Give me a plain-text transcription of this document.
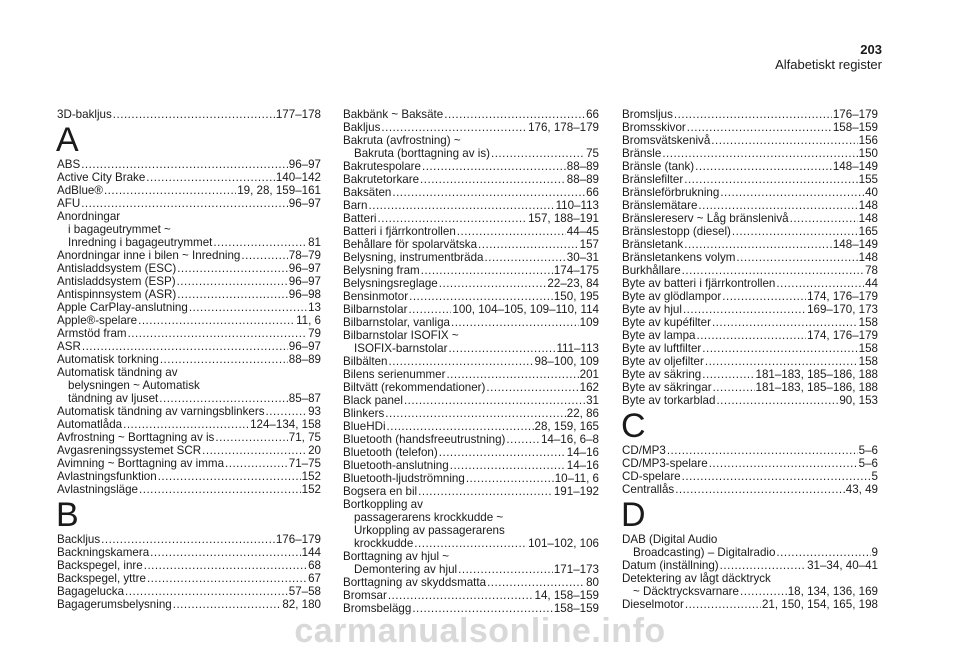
203
Alfabetiskt register
3D-bakljus .....	177–178
A
ABS .....	96–97
Active City Brake .....	140–142
AdBlue® .....	19, 28, 159–161
AFU .....	96–97
Anordningar
i bagageutrymmet ~
Inredning i bagageutrymmet .....	81
Anordningar inne i bilen ~ Inredning .....	78–79
Antisladdsystem (ESC) .....	96–97
Antisladdsystem (ESP) .....	96–97
Antispinnsystem (ASR) .....	96–98
Apple CarPlay-anslutning .....	13
Apple®-spelare .....	11, 6
Armstöd fram .....	79
ASR .....	96–97
Automatisk torkning .....	88–89
Automatisk tändning av
belysningen ~ Automatisk
tändning av ljuset .....	85–87
Automatisk tändning av varningsblinkers .....	93
Automatlåda .....	124–134, 158
Avfrostning ~ Borttagning av is .....	71, 75
Avgasreningssystemet SCR .....	20
Avimning ~ Borttagning av imma .....	71–75
Avlastningsfunktion .....	152
Avlastningsläge .....	152
B
Backljus .....	176–179
Backningskamera .....	144
Backspegel, inre .....	68
Backspegel, yttre .....	67
Bagagelucka .....	57–58
Bagagerumsbelysning .....	82, 180
Bakbänk ~ Baksäte .....	66
Bakljus .....	176, 178–179
Bakruta (avfrostning) ~
Bakruta (borttagning av is) .....	75
Bakrutespolare .....	88–89
Bakrutetorkare .....	88–89
Baksäten .....	66
Barn .....	110–113
Batteri .....	157, 188–191
Batteri i fjärrkontrollen .....	44–45
Behållare för spolarvätska .....	157
Belysning, instrumentbräda .....	30–31
Belysning fram .....	174–175
Belysningsreglage .....	22–23, 84
Bensinmotor .....	150, 195
Bilbarnstolar .....	100, 104–105, 109–110, 114
Bilbarnstolar, vanliga .....	109
Bilbarnstolar ISOFIX ~
ISOFIX-barnstolar .....	111–113
Bilbälten .....	98–100, 109
Bilens serienummer .....	201
Biltvätt (rekommendationer) .....	162
Black panel .....	31
Blinkers .....	22, 86
BlueHDi .....	28, 159, 165
Bluetooth (handsfreeutrustning) .....	14–16, 6–8
Bluetooth (telefon) .....	14–16
Bluetooth-anslutning .....	14–16
Bluetooth-ljudströmning .....	10–11, 6
Bogsera en bil .....	191–192
Bortkoppling av
passagerarens krockkudde ~
Urkoppling av passagerarens
krockkudde .....	101–102, 106
Borttagning av hjul ~
Demontering av hjul .....	171–173
Borttagning av skyddsmatta .....	80
Bromsar .....	14, 158–159
Bromsbelägg .....	158–159
Bromsljus .....	176–179
Bromsskivor .....	158–159
Bromsvätskenivå .....	156
Bränsle .....	150
Bränsle (tank) .....	148–149
Bränslefilter .....	155
Bränsleförbrukning .....	40
Bränslemätare .....	148
Bränslereserv ~ Låg bränslenivå .....	148
Bränslestopp (diesel) .....	165
Bränsletank .....	148–149
Bränsletankens volym .....	148
Burkhållare .....	78
Byte av batteri i fjärrkontrollen .....	44
Byte av glödlampor .....	174, 176–179
Byte av hjul .....	169–170, 173
Byte av kupéfilter .....	158
Byte av lampa .....	174, 176–179
Byte av luftfilter .....	158
Byte av oljefilter .....	158
Byte av säkring .....	181–183, 185–186, 188
Byte av säkringar .....	181–183, 185–186, 188
Byte av torkarblad .....	90, 153
C
CD/MP3 .....	5–6
CD/MP3-spelare .....	5–6
CD-spelare .....	5
Centrallås .....	43, 49
D
DAB (Digital Audio
Broadcasting) – Digitalradio .....	9
Datum (inställning) .....	31–34, 40–41
Detektering av lågt däcktryck
~ Däcktrycksvarnare .....	18, 134, 136, 169
Dieselmotor .....	21, 150, 154, 165, 198
carmanualsonline.info
